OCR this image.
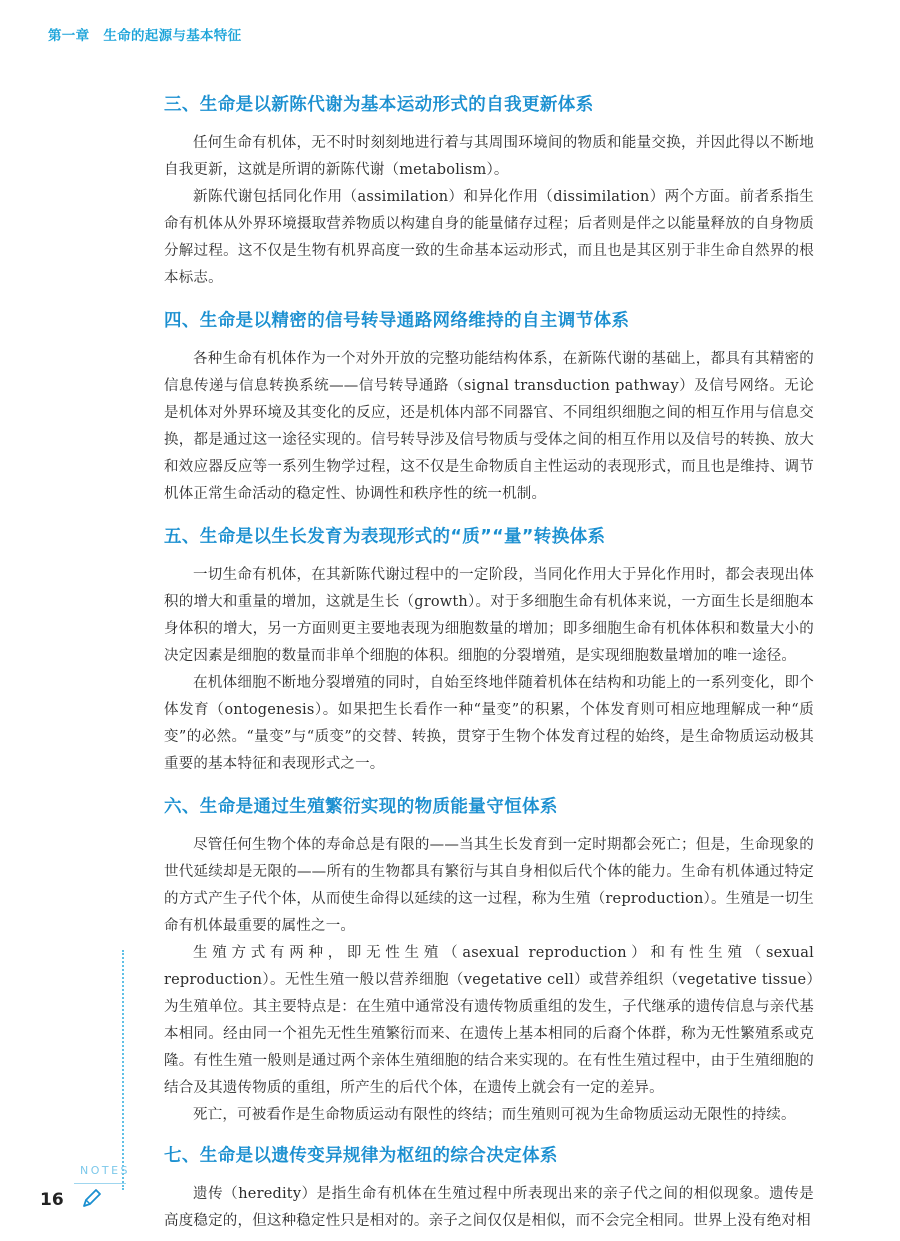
第一章 生命的起源与基本特征
三、生命是以新陈代谢为基本运动形式的自我更新体系

任何生命有机体，无不时时刻刻地进行着与其周围环境间的物质和能量交换，并因此得以不断地自我更新，这就是所谓的新陈代谢（metabolism）。

新陈代谢包括同化作用（assimilation）和异化作用（dissimilation）两个方面。前者系指生命有机体从外界环境摄取营养物质以构建自身的能量储存过程；后者则是伴之以能量释放的自身物质分解过程。这不仅是生物有机界高度一致的生命基本运动形式，而且也是其区别于非生命自然界的根本标志。

四、生命是以精密的信号转导通路网络维持的自主调节体系

各种生命有机体作为一个对外开放的完整功能结构体系，在新陈代谢的基础上，都具有其精密的信息传递与信息转换系统——信号转导通路（signal transduction pathway）及信号网络。无论是机体对外界环境及其变化的反应，还是机体内部不同器官、不同组织细胞之间的相互作用与信息交换，都是通过这一途径实现的。信号转导涉及信号物质与受体之间的相互作用以及信号的转换、放大和效应器反应等一系列生物学过程，这不仅是生命物质自主性运动的表现形式，而且也是维持、调节机体正常生命活动的稳定性、协调性和秩序性的统一机制。

五、生命是以生长发育为表现形式的“质”“量”转换体系

一切生命有机体，在其新陈代谢过程中的一定阶段，当同化作用大于异化作用时，都会表现出体积的增大和重量的增加，这就是生长（growth）。对于多细胞生命有机体来说，一方面生长是细胞本身体积的增大，另一方面则更主要地表现为细胞数量的增加；即多细胞生命有机体体积和数量大小的决定因素是细胞的数量而非单个细胞的体积。细胞的分裂增殖，是实现细胞数量增加的唯一途径。

在机体细胞不断地分裂增殖的同时，自始至终地伴随着机体在结构和功能上的一系列变化，即个体发育（ontogenesis）。如果把生长看作一种“量变”的积累，个体发育则可相应地理解成一种“质变”的必然。“量变”与“质变”的交替、转换，贯穿于生物个体发育过程的始终，是生命物质运动极其重要的基本特征和表现形式之一。

六、生命是通过生殖繁衍实现的物质能量守恒体系

尽管任何生物个体的寿命总是有限的——当其生长发育到一定时期都会死亡；但是，生命现象的世代延续却是无限的——所有的生物都具有繁衍与其自身相似后代个体的能力。生命有机体通过特定的方式产生子代个体，从而使生命得以延续的这一过程，称为生殖（reproduction）。生殖是一切生命有机体最重要的属性之一。

生殖方式有两种，即无性生殖（asexual reproduction）和有性生殖（sexual reproduction）。无性生殖一般以营养细胞（vegetative cell）或营养组织（vegetative tissue）为生殖单位。其主要特点是：在生殖中通常没有遗传物质重组的发生，子代继承的遗传信息与亲代基本相同。经由同一个祖先无性生殖繁衍而来、在遗传上基本相同的后裔个体群，称为无性繁殖系或克隆。有性生殖一般则是通过两个亲体生殖细胞的结合来实现的。在有性生殖过程中，由于生殖细胞的结合及其遗传物质的重组，所产生的后代个体，在遗传上就会有一定的差异。

死亡，可被看作是生命物质运动有限性的终结；而生殖则可视为生命物质运动无限性的持续。

七、生命是以遗传变异规律为枢纽的综合决定体系

遗传（heredity）是指生命有机体在生殖过程中所表现出来的亲子代之间的相似现象。遗传是高度稳定的，但这种稳定性只是相对的。亲子之间仅仅是相似，而不会完全相同。世界上没有绝对相

NOTES
16
